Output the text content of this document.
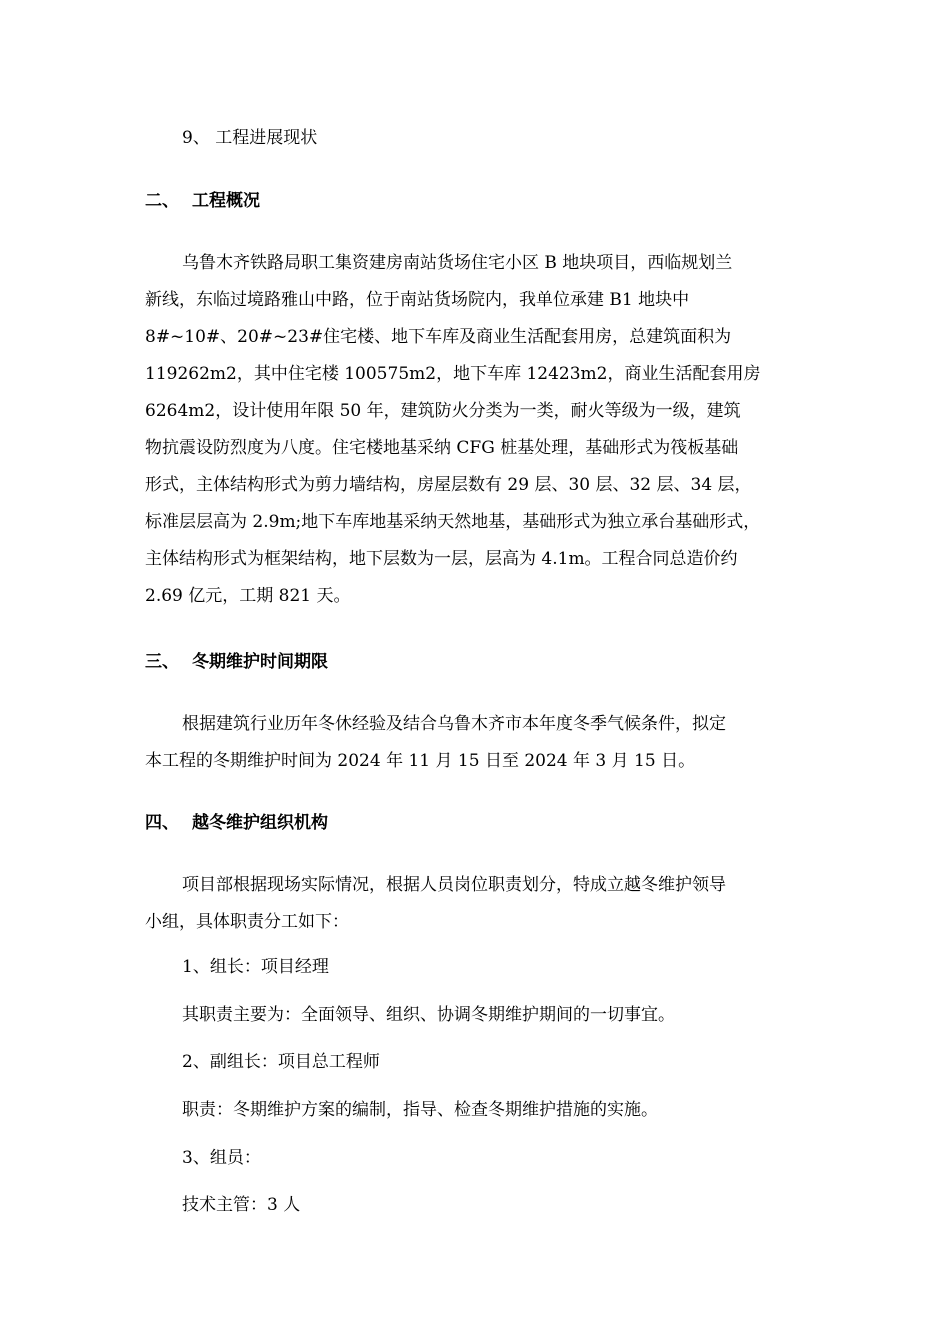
9、 工程进展现状
二、 工程概况
乌鲁木齐铁路局职工集资建房南站货场住宅小区 B 地块项目，西临规划兰
新线，东临过境路雅山中路，位于南站货场院内，我单位承建 B1 地块中
8#~10#、20#~23#住宅楼、地下车库及商业生活配套用房，总建筑面积为
119262m2，其中住宅楼 100575m2，地下车库 12423m2，商业生活配套用房
6264m2，设计使用年限 50 年，建筑防火分类为一类，耐火等级为一级，建筑
物抗震设防烈度为八度。住宅楼地基采纳 CFG 桩基处理，基础形式为筏板基础
形式，主体结构形式为剪力墙结构，房屋层数有 29 层、30 层、32 层、34 层，
标准层层高为 2.9m;地下车库地基采纳天然地基，基础形式为独立承台基础形式，
主体结构形式为框架结构，地下层数为一层，层高为 4.1m。工程合同总造价约
2.69 亿元，工期 821 天。
三、 冬期维护时间期限
根据建筑行业历年冬休经验及结合乌鲁木齐市本年度冬季气候条件，拟定
本工程的冬期维护时间为 2024 年 11 月 15 日至 2024 年 3 月 15 日。
四、 越冬维护组织机构
项目部根据现场实际情况，根据人员岗位职责划分，特成立越冬维护领导
小组，具体职责分工如下：
1、组长：项目经理
其职责主要为：全面领导、组织、协调冬期维护期间的一切事宜。
2、副组长：项目总工程师
职责：冬期维护方案的编制，指导、检查冬期维护措施的实施。
3、组员：
技术主管：3 人
